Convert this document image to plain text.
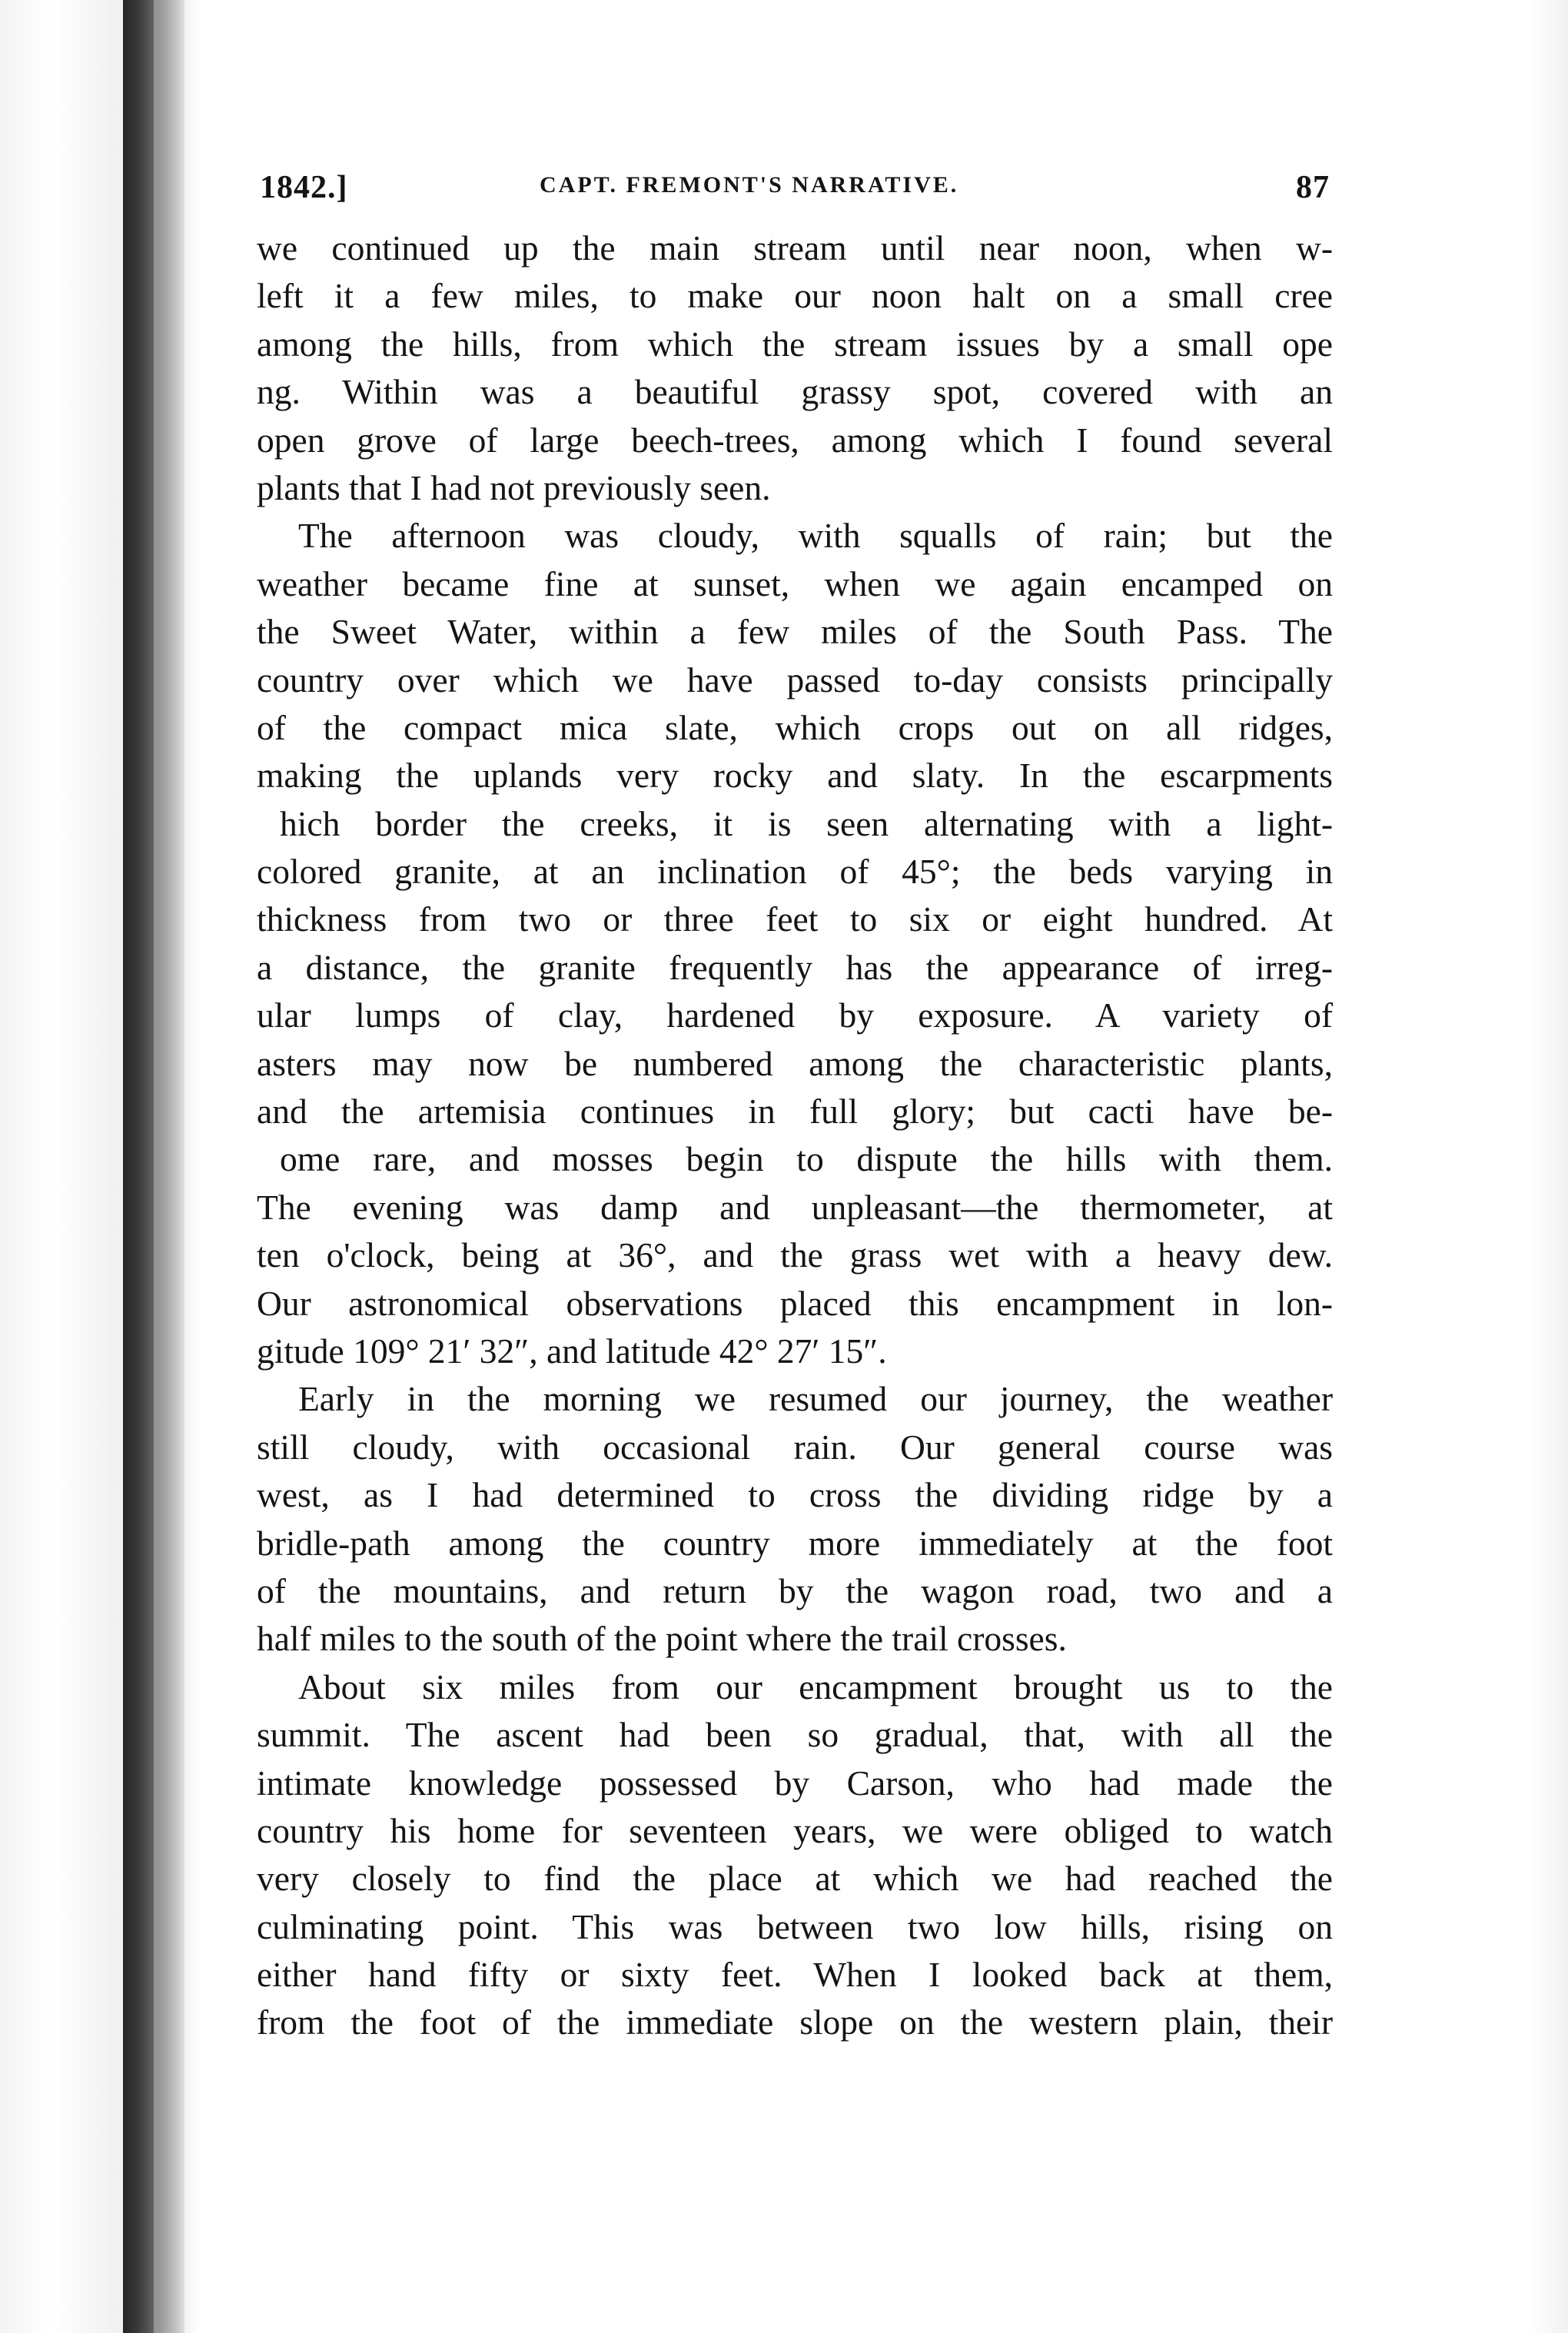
1842.]	CAPT. FREMONT'S NARRATIVE.	87
we continued up the main stream until near noon, when w-
left it a few miles, to make our noon halt on a small cree
among the hills, from which the stream issues by a small ope
ng. Within was a beautiful grassy spot, covered with an
open grove of large beech-trees, among which I found several
plants that I had not previously seen.
The afternoon was cloudy, with squalls of rain; but the
weather became fine at sunset, when we again encamped on
the Sweet Water, within a few miles of the South Pass. The
country over which we have passed to-day consists principally
of the compact mica slate, which crops out on all ridges,
making the uplands very rocky and slaty. In the escarpments
hich border the creeks, it is seen alternating with a light-
colored granite, at an inclination of 45°; the beds varying in
thickness from two or three feet to six or eight hundred. At
a distance, the granite frequently has the appearance of irreg-
ular lumps of clay, hardened by exposure. A variety of
asters may now be numbered among the characteristic plants,
and the artemisia continues in full glory; but cacti have be-
ome rare, and mosses begin to dispute the hills with them.
The evening was damp and unpleasant—the thermometer, at
ten o'clock, being at 36°, and the grass wet with a heavy dew.
Our astronomical observations placed this encampment in lon-
gitude 109° 21′ 32″, and latitude 42° 27′ 15″.
Early in the morning we resumed our journey, the weather
still cloudy, with occasional rain. Our general course was
west, as I had determined to cross the dividing ridge by a
bridle-path among the country more immediately at the foot
of the mountains, and return by the wagon road, two and a
half miles to the south of the point where the trail crosses.
About six miles from our encampment brought us to the
summit. The ascent had been so gradual, that, with all the
intimate knowledge possessed by Carson, who had made the
country his home for seventeen years, we were obliged to watch
very closely to find the place at which we had reached the
culminating point. This was between two low hills, rising on
either hand fifty or sixty feet. When I looked back at them,
from the foot of the immediate slope on the western plain, their
